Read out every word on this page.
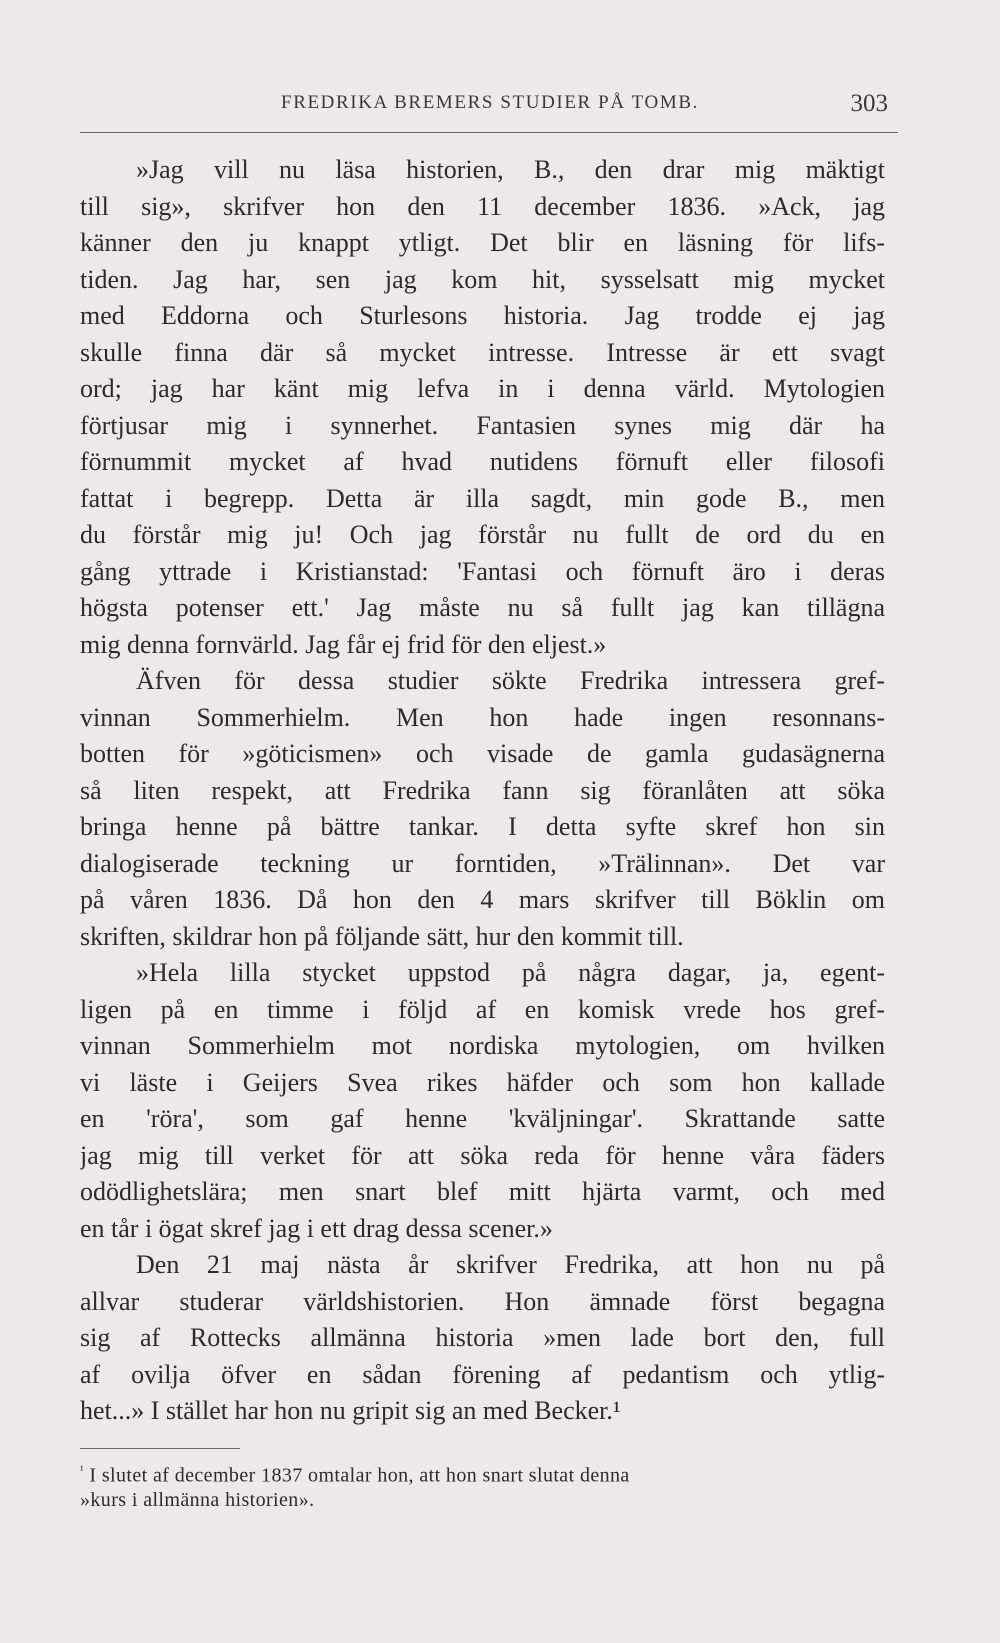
FREDRIKA BREMERS STUDIER PÅ TOMB.	303
»Jag vill nu läsa historien, B., den drar mig mäktigt
till sig», skrifver hon den 11 december 1836. »Ack, jag
känner den ju knappt ytligt. Det blir en läsning för lifs-
tiden. Jag har, sen jag kom hit, sysselsatt mig mycket
med Eddorna och Sturlesons historia. Jag trodde ej jag
skulle finna där så mycket intresse. Intresse är ett svagt
ord; jag har känt mig lefva in i denna värld. Mytologien
förtjusar mig i synnerhet. Fantasien synes mig där ha
förnummit mycket af hvad nutidens förnuft eller filosofi
fattat i begrepp. Detta är illa sagdt, min gode B., men
du förstår mig ju! Och jag förstår nu fullt de ord du en
gång yttrade i Kristianstad: 'Fantasi och förnuft äro i deras
högsta potenser ett.' Jag måste nu så fullt jag kan tillägna
mig denna fornvärld. Jag får ej frid för den eljest.»
Äfven för dessa studier sökte Fredrika intressera gref-
vinnan Sommerhielm. Men hon hade ingen resonnans-
botten för »göticismen» och visade de gamla gudasägnerna
så liten respekt, att Fredrika fann sig föranlåten att söka
bringa henne på bättre tankar. I detta syfte skref hon sin
dialogiserade teckning ur forntiden, »Trälinnan». Det var
på våren 1836. Då hon den 4 mars skrifver till Böklin om
skriften, skildrar hon på följande sätt, hur den kommit till.
»Hela lilla stycket uppstod på några dagar, ja, egent-
ligen på en timme i följd af en komisk vrede hos gref-
vinnan Sommerhielm mot nordiska mytologien, om hvilken
vi läste i Geijers Svea rikes häfder och som hon kallade
en 'röra', som gaf henne 'kväljningar'. Skrattande satte
jag mig till verket för att söka reda för henne våra fäders
odödlighetslära; men snart blef mitt hjärta varmt, och med
en tår i ögat skref jag i ett drag dessa scener.»
Den 21 maj nästa år skrifver Fredrika, att hon nu på
allvar studerar världshistorien. Hon ämnade först begagna
sig af Rottecks allmänna historia »men lade bort den, full
af ovilja öfver en sådan förening af pedantism och ytlig-
het...» I stället har hon nu gripit sig an med Becker.¹
$^{^1}$ I slutet af december 1837 omtalar hon, att hon snart slutat denna
»kurs i allmänna historien».
